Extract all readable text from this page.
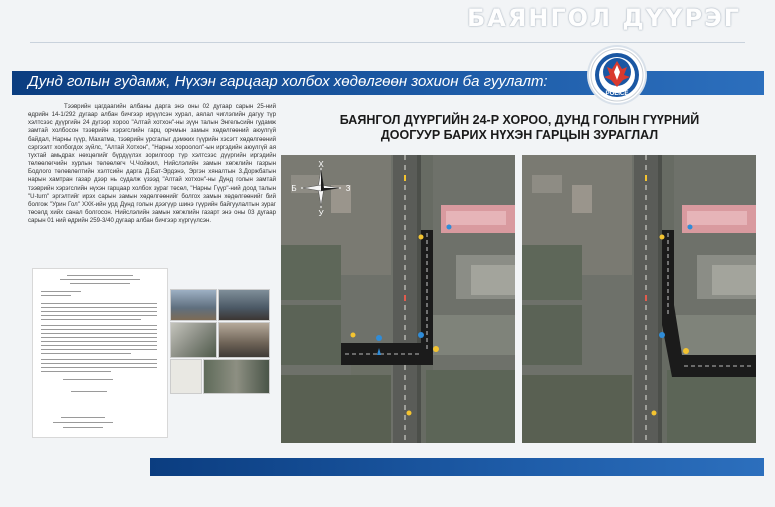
БАЯНГОЛ ДҮҮРЭГ
Дунд голын гудамж, Нүхэн гарцаар холбох хөдөлгөөн зохион ба гуулалт:
POLICE

Тээврийн цагдаагийн албаны дарга энэ оны 02 дугаар сарын 25-ний өдрийн 14-1/292 дугаар албан бичгээр ирүүлсэн хурал, аялал чиглэлийн дагуу түр хэлтсээс дүүргийн 24 дүгээр хороо "Алтай хотхон"-ны зүүн талын Энгельсийн гудамж замтай холбосон тээврийн хэрэгслийн гарц орчмын замын хөдөлгөөний аюулгүй байдал, Нарны гүүр, Махатма, тээврийн урсгалыг дэмжих гүүрийн хэсэгт хөдөлгөөний сэргээлт холбогдох зүйлс, "Алтай Хотхон", "Нарны хороолол"-ын иргэдийн аюулгүй ая тухтай амьдрах нөхцөлийг бүрдүүлэх зорилгоор түр хэлтсээс дүүргийн иргэдийн төлөөлөгчийн хурлын төлөөлөгч Ч.Чойжил, Нийслэлийн замын хөгжлийн газрын Бодлого төлөвлөлтийн хэлтсийн дарга Д.Бат-Эрдэнэ, Эргэн хяналтын 3.Доржбатын нарын хамтран газар дээр нь судалж үзээд "Алтай хотхон"-ны Дунд голын замтай тээврийн хэрэгслийн нүхэн гарцаар холбох зураг төсөл, "Нарны Гүүр"-ний доод талын "U-turn" эргэлтийг ирэх сарын замын хөдөлгөөнийг болгох замын хөдөлгөөнийг бий болгож "Урин Гол" ХХК-ийн урд Дунд голын дээгүүр шинэ гүүрийн байгуулалтын зураг төсөлд хийх санал болгосон. Нийслэлийн замын хөгжлийн газарт энэ оны 03 дугаар сарын 01 ний өдрийн 259-3/40 дугаар албан бичгээр хүргүүлсэн.

БАЯНГОЛ ДҮҮРГИЙН 24-Р ХОРОО, ДУНД ГОЛЫН ГҮҮРНИЙ
ДООГУУР БАРИХ НҮХЭН ГАРЦЫН ЗУРАГЛАЛ
Х
У
Б	З
